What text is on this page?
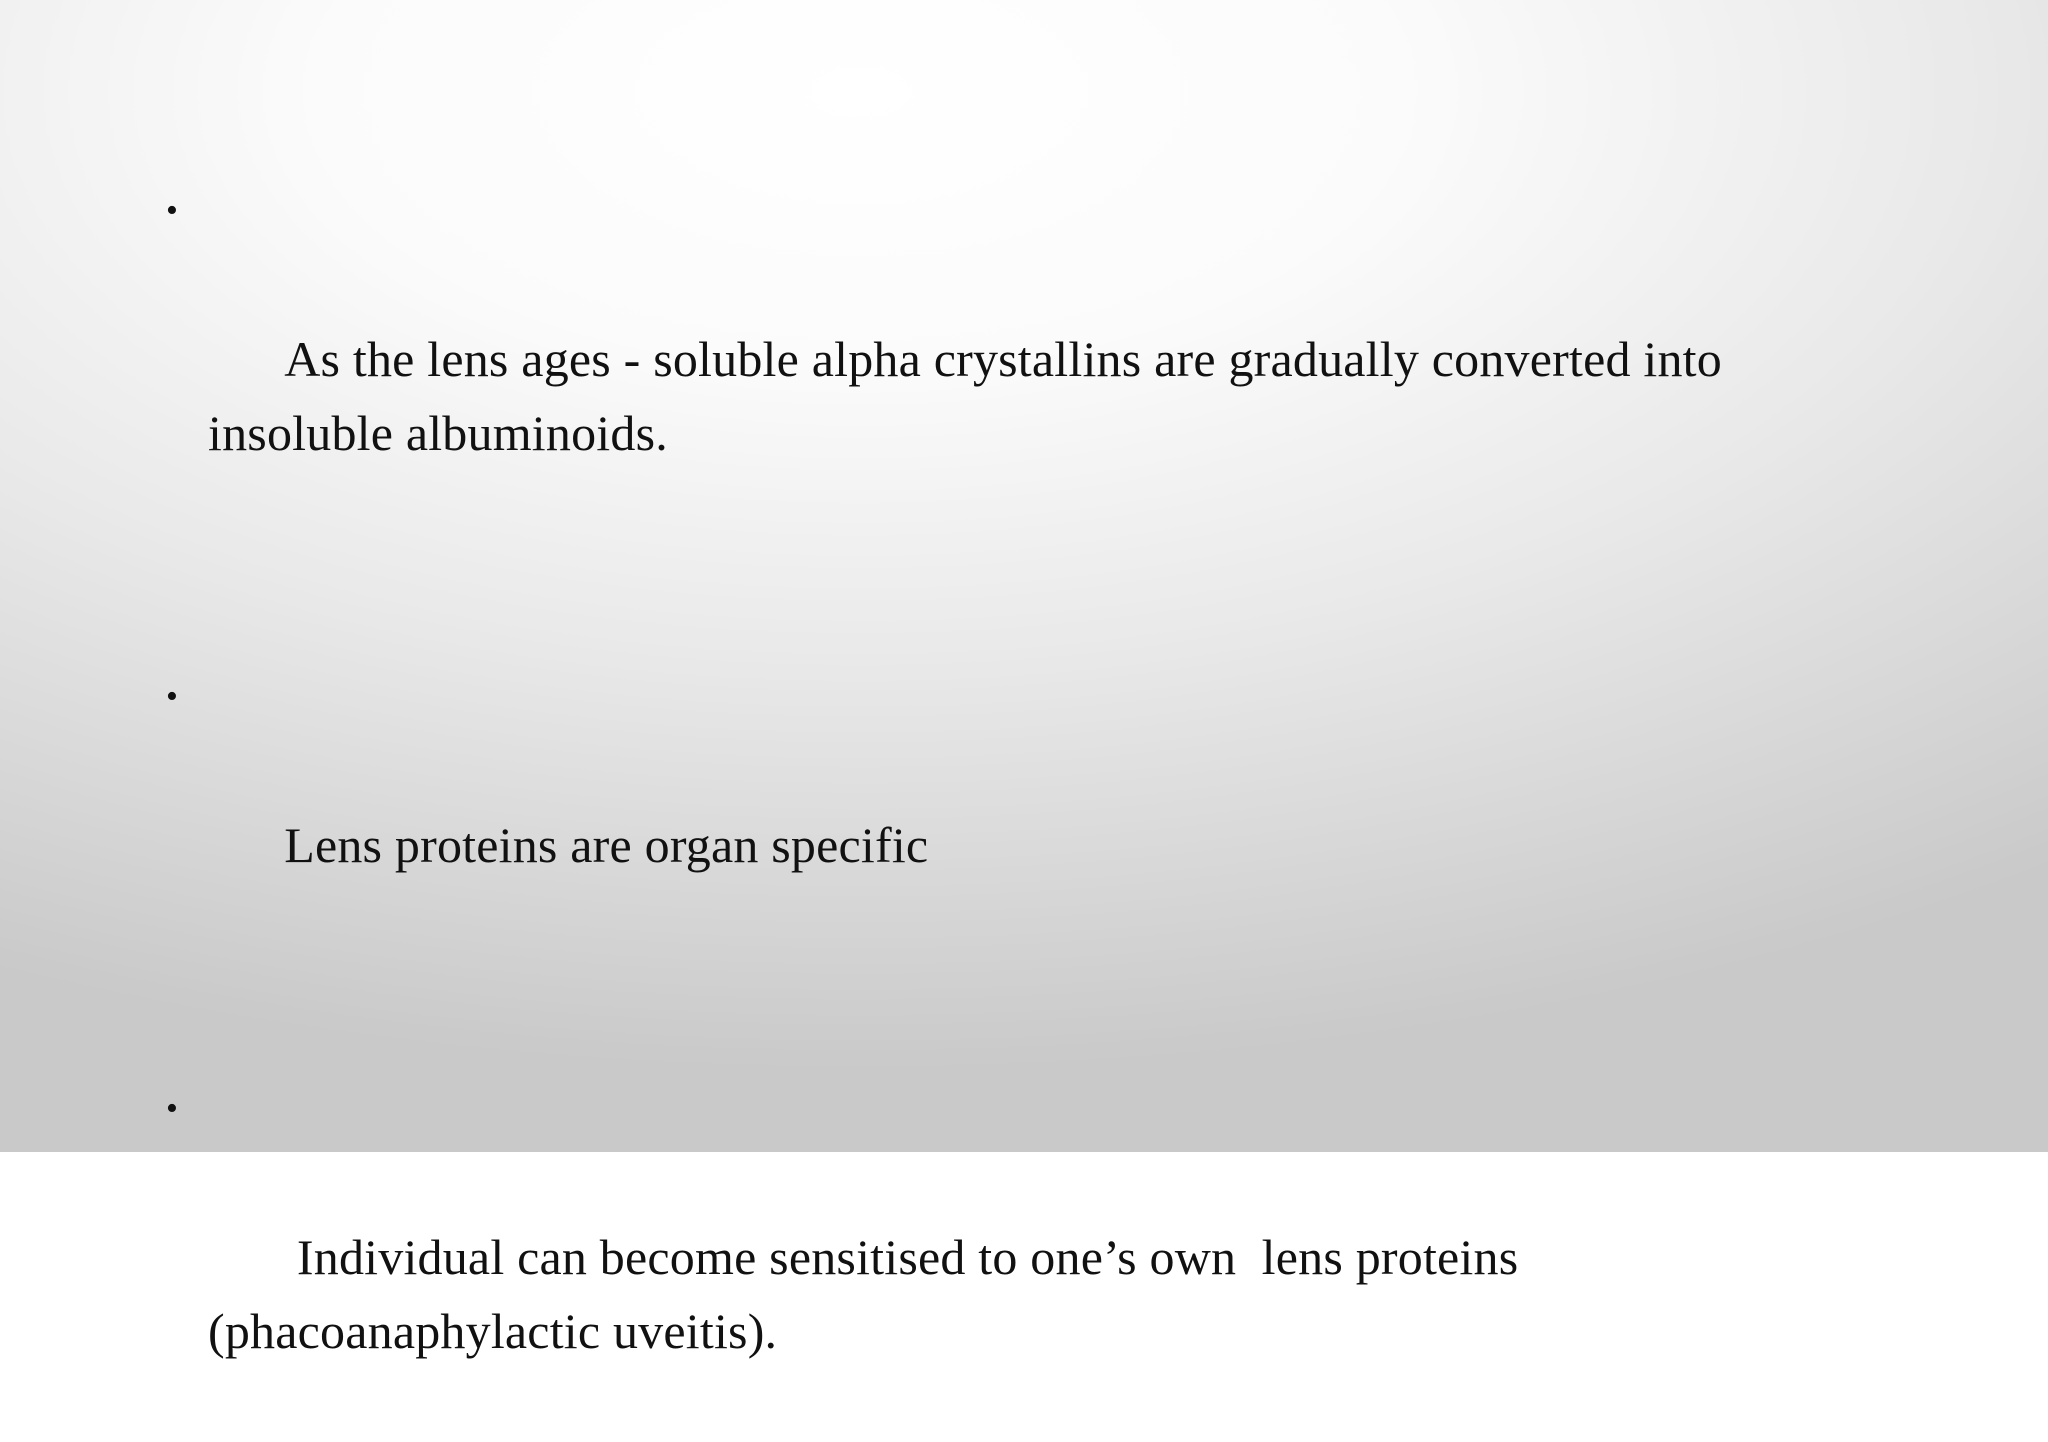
•

As the lens ages - soluble alpha crystallins are gradually converted into insoluble albuminoids.

•

Lens proteins are organ specific

•

Individual can become sensitised to one’s own  lens proteins (phacoanaphylactic uveitis).
